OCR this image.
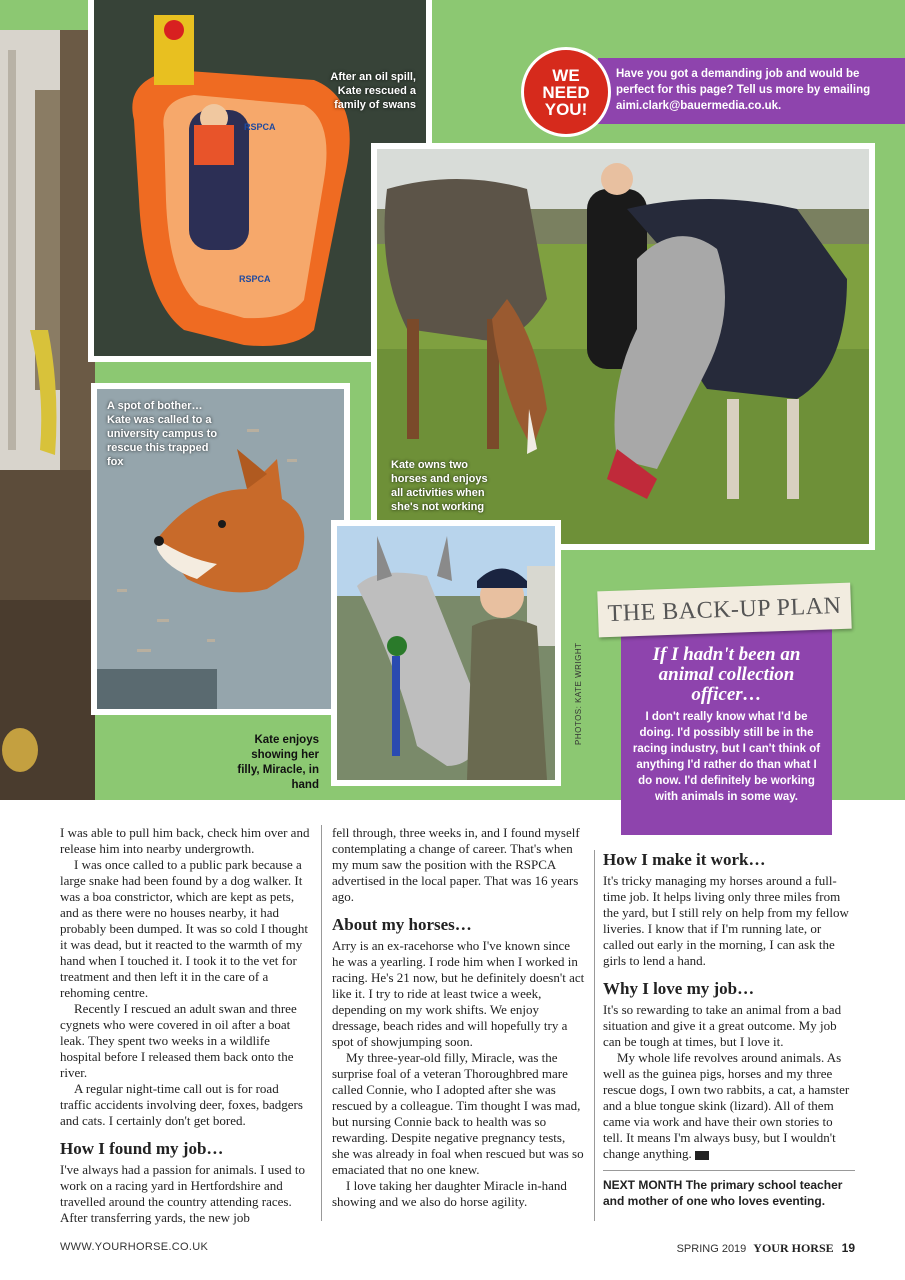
RSPCA
RSPCA
After an oil spill, Kate rescued a family of swans
Have you got a demanding job and would be perfect for this page? Tell us more by emailing aimi.clark@bauermedia.co.uk.
WE NEED YOU!
Kate owns two horses and enjoys all activities when she's not working
A spot of bother… Kate was called to a university campus to rescue this trapped fox
Kate enjoys showing her filly, Miracle, in hand
PHOTOS: KATE WRIGHT
THE BACK-UP PLAN
If I hadn't been an animal collection officer…
I don't really know what I'd be doing. I'd possibly still be in the racing industry, but I can't think of anything I'd rather do than what I do now. I'd definitely be working with animals in some way.

I was able to pull him back, check him over and release him into nearby undergrowth.

I was once called to a public park because a large snake had been found by a dog walker. It was a boa constrictor, which are kept as pets, and as there were no houses nearby, it had probably been dumped. It was so cold I thought it was dead, but it reacted to the warmth of my hand when I touched it. I took it to the vet for treatment and then left it in the care of a rehoming centre.

Recently I rescued an adult swan and three cygnets who were covered in oil after a boat leak. They spent two weeks in a wildlife hospital before I released them back onto the river.

A regular night-time call out is for road traffic accidents involving deer, foxes, badgers and cats. I certainly don't get bored.

How I found my job…

I've always had a passion for animals. I used to work on a racing yard in Hertfordshire and travelled around the country attending races. After transferring yards, the new job

fell through, three weeks in, and I found myself contemplating a change of career. That's when my mum saw the position with the RSPCA advertised in the local paper. That was 16 years ago.

About my horses…

Arry is an ex-racehorse who I've known since he was a yearling. I rode him when I worked in racing. He's 21 now, but he definitely doesn't act like it. I try to ride at least twice a week, depending on my work shifts. We enjoy dressage, beach rides and will hopefully try a spot of showjumping soon.

My three-year-old filly, Miracle, was the surprise foal of a veteran Thoroughbred mare called Connie, who I adopted after she was rescued by a colleague. Tim thought I was mad, but nursing Connie back to health was so rewarding. Despite negative pregnancy tests, she was already in foal when rescued but was so emaciated that no one knew.

I love taking her daughter Miracle in-hand showing and we also do horse agility.

How I make it work…

It's tricky managing my horses around a full-time job. It helps living only three miles from the yard, but I still rely on help from my fellow liveries. I know that if I'm running late, or called out early in the morning, I can ask the girls to lend a hand.

Why I love my job…

It's so rewarding to take an animal from a bad situation and give it a great outcome. My job can be tough at times, but I love it.

My whole life revolves around animals. As well as the guinea pigs, horses and my three rescue dogs, I own two rabbits, a cat, a hamster and a blue tongue skink (lizard). All of them came via work and have their own stories to tell. It means I'm always busy, but I wouldn't change anything.

NEXT MONTH The primary school teacher and mother of one who loves eventing.
WWW.YOURHORSE.CO.UK	SPRING 2019 YOUR HORSE 19
